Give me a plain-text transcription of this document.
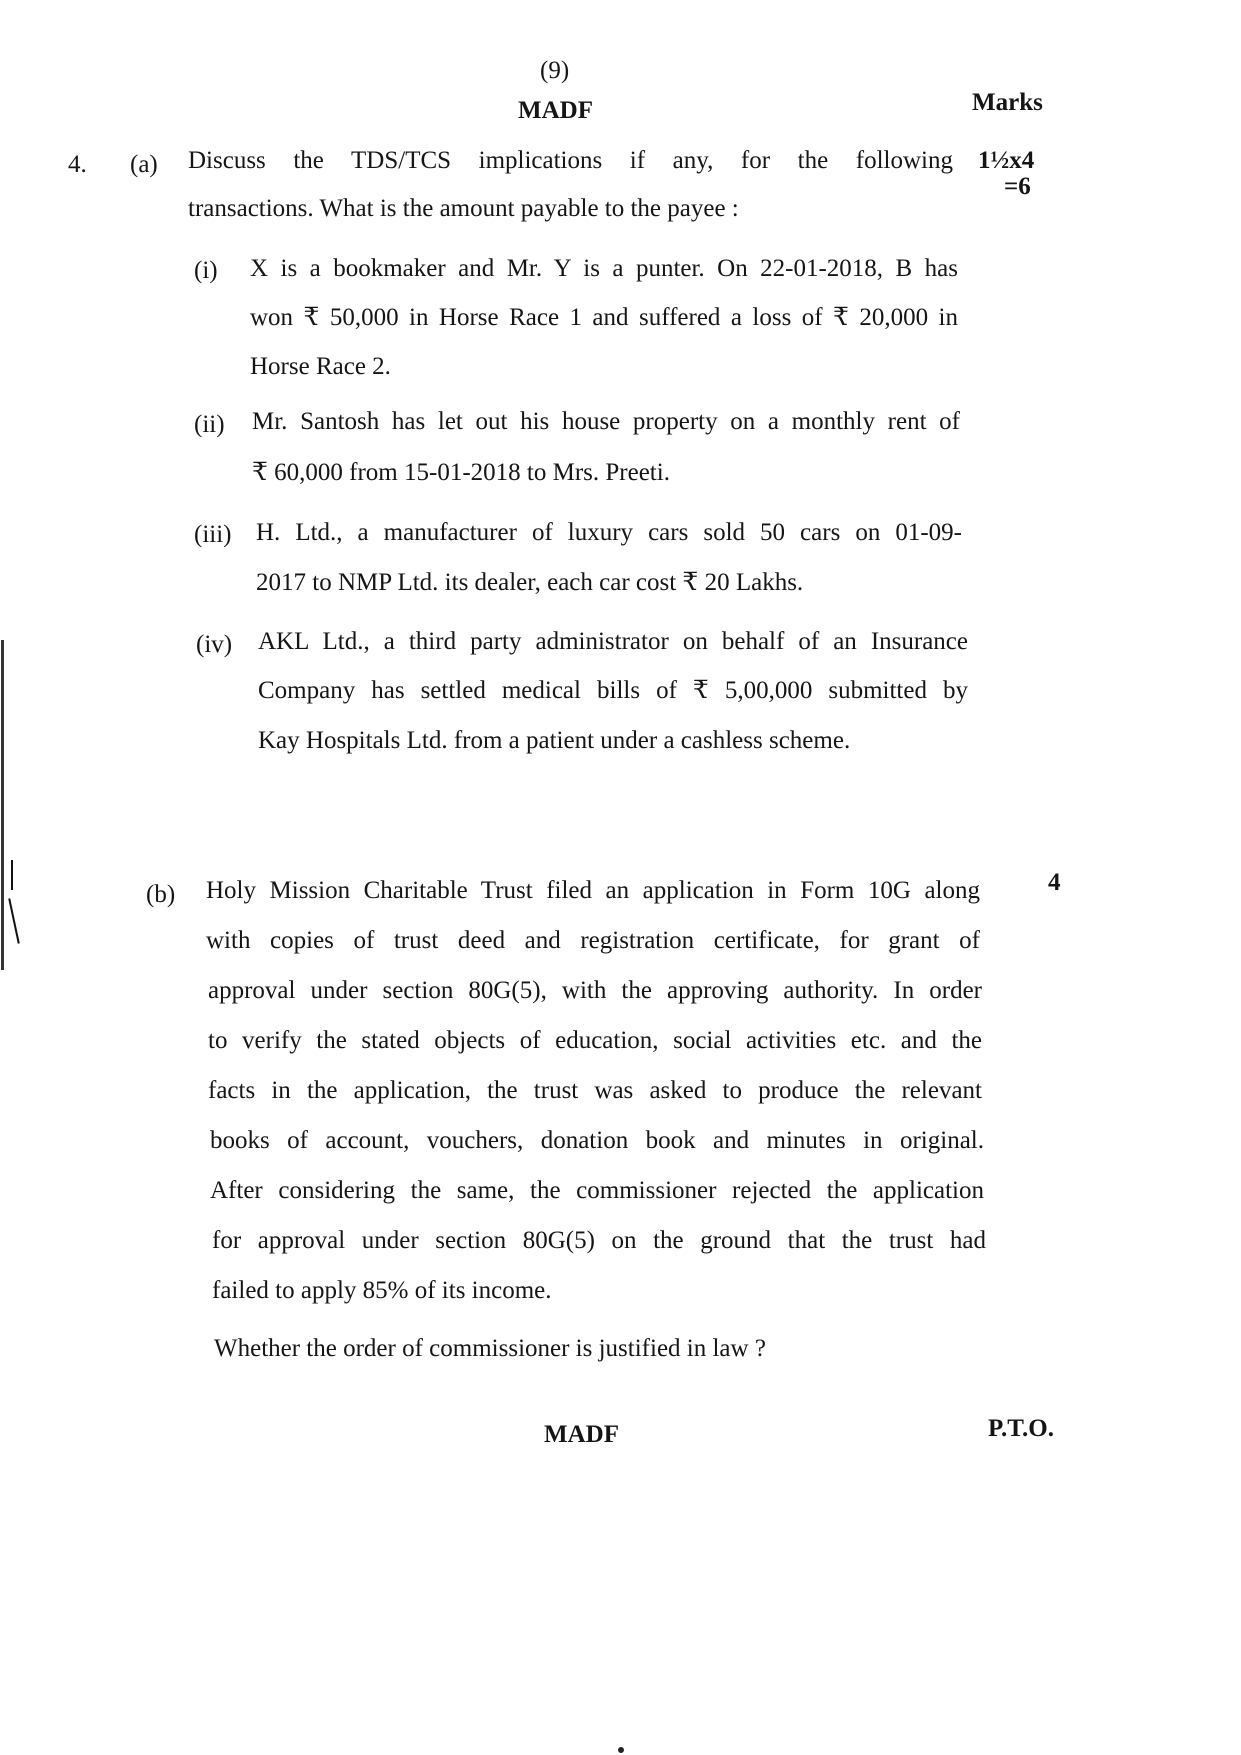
(9)
MADF	Marks
4. (a) Discuss the TDS/TCS implications if any, for the following
transactions. What is the amount payable to the payee :
1½x4
=6
(i) X is a bookmaker and Mr. Y is a punter. On 22-01-2018, B has
won ₹ 50,000 in Horse Race 1 and suffered a loss of ₹ 20,000 in
Horse Race 2.
(ii) Mr. Santosh has let out his house property on a monthly rent of
₹ 60,000 from 15-01-2018 to Mrs. Preeti.
(iii) H. Ltd., a manufacturer of luxury cars sold 50 cars on 01-09-
2017 to NMP Ltd. its dealer, each car cost ₹ 20 Lakhs.
(iv) AKL Ltd., a third party administrator on behalf of an Insurance
Company has settled medical bills of ₹ 5,00,000 submitted by
Kay Hospitals Ltd. from a patient under a cashless scheme.
(b)	4
Holy Mission Charitable Trust filed an application in Form 10G along
with copies of trust deed and registration certificate, for grant of
approval under section 80G(5), with the approving authority. In order
to verify the stated objects of education, social activities etc. and the
facts in the application, the trust was asked to produce the relevant
books of account, vouchers, donation book and minutes in original.
After considering the same, the commissioner rejected the application
for approval under section 80G(5) on the ground that the trust had
failed to apply 85% of its income.
Whether the order of commissioner is justified in law ?
MADF	P.T.O.
